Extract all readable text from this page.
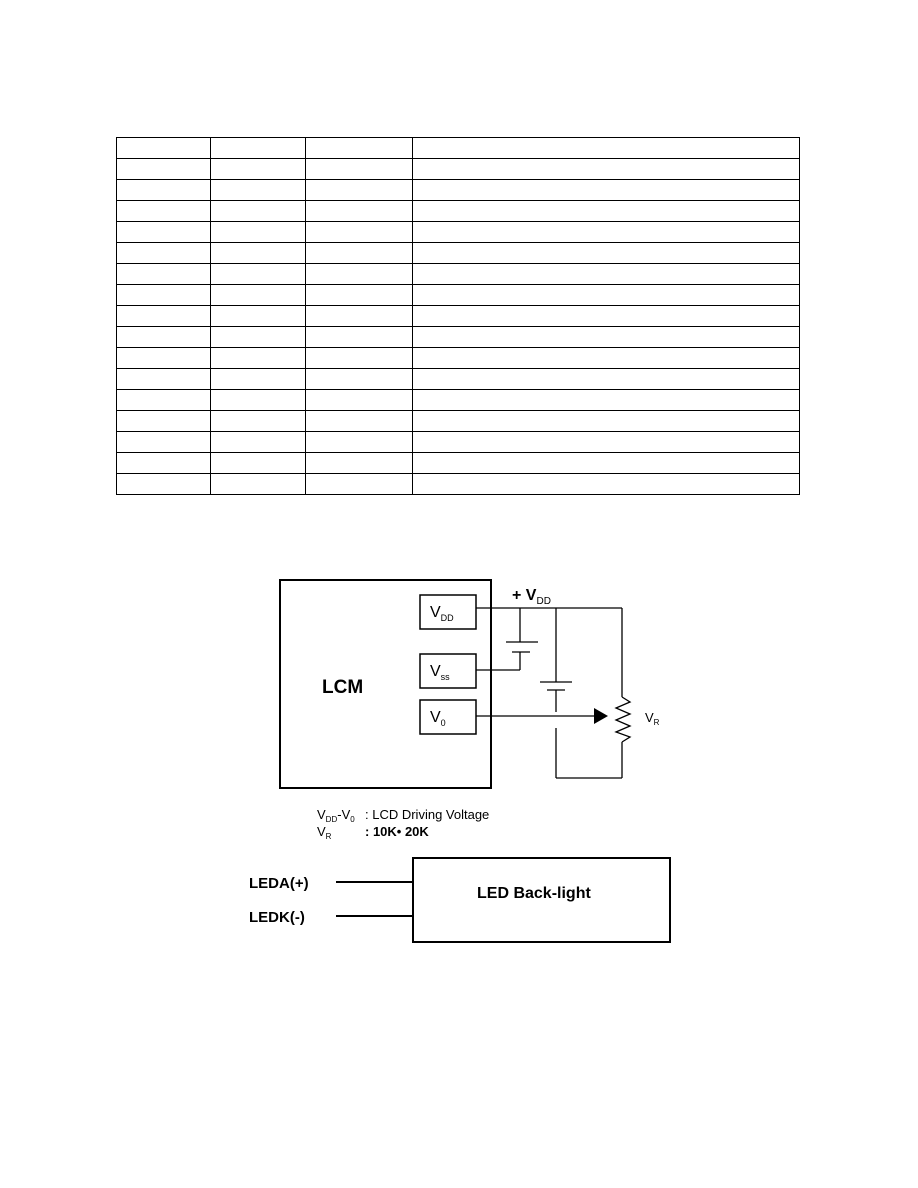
LCM
$V_{DD}$
$V_{ss}$
$V_0$
+ $V_{DD}$
$V_R$
$V_{DD}-V_0$ : LCD Driving Voltage
$V_R$	: 10K• 20K
LED Back-light
LEDA(+)
LEDK(-)
